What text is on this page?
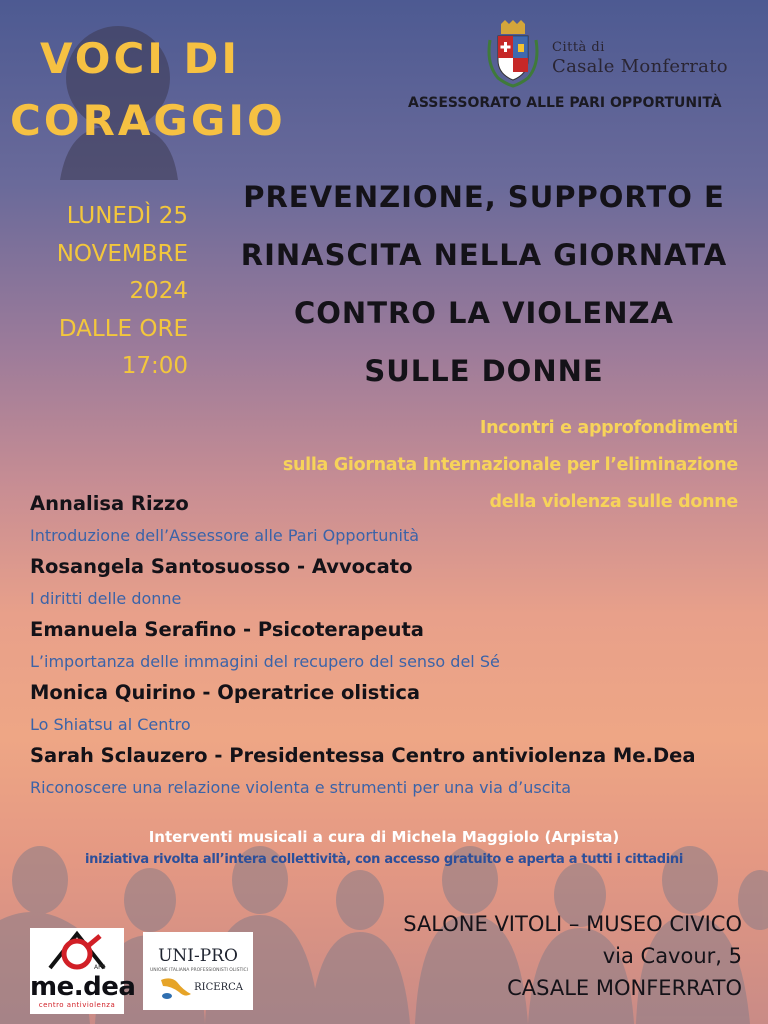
VOCI DI
CORAGGIO
Città di
Casale Monferrato
ASSESSORATO ALLE PARI OPPORTUNITÀ
LUNEDÌ 25
NOVEMBRE
2024
DALLE ORE
17:00
PREVENZIONE, SUPPORTO E
RINASCITA NELLA GIORNATA
CONTRO LA VIOLENZA
SULLE DONNE
Incontri e approfondimenti
sulla Giornata Internazionale per l’eliminazione
della violenza sulle donne
Annalisa Rizzo
Introduzione dell’Assessore alle Pari Opportunità
Rosangela Santosuosso - Avvocato
I diritti delle donne
Emanuela Serafino - Psicoterapeuta
L’importanza delle immagini del recupero del senso del Sé
Monica Quirino - Operatrice olistica
Lo Shiatsu al Centro
Sarah Sclauzero - Presidentessa Centro antiviolenza Me.Dea
Riconoscere una relazione violenta e strumenti per una via d’uscita
Interventi musicali a cura di Michela Maggiolo (Arpista)
iniziativa rivolta all’intera collettività, con accesso gratuito e aperta a tutti i cittadini
APS
me.dea
centro antiviolenza
UNI-PRO
UNIONE ITALIANA PROFESSIONISTI OLISTICI
RICERCA
SALONE VITOLI – MUSEO CIVICO
via Cavour, 5
CASALE MONFERRATO
